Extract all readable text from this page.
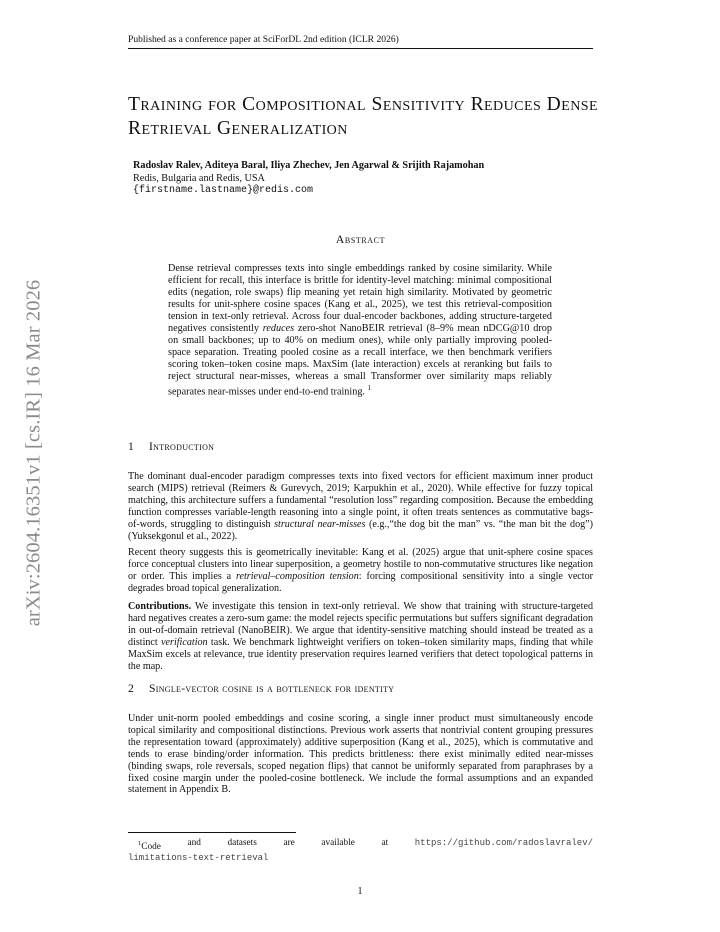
Published as a conference paper at SciForDL 2nd edition (ICLR 2026)
arXiv:2604.16351v1 [cs.IR] 16 Mar 2026
Training for Compositional Sensitivity Reduces Dense Retrieval Generalization
Radoslav Ralev, Aditeya Baral, Iliya Zhechev, Jen Agarwal & Srijith Rajamohan
Redis, Bulgaria and Redis, USA
{firstname.lastname}@redis.com
Abstract
Dense retrieval compresses texts into single embeddings ranked by cosine similarity. While efficient for recall, this interface is brittle for identity-level matching: minimal compositional edits (negation, role swaps) flip meaning yet retain high similarity. Motivated by geometric results for unit-sphere cosine spaces (Kang et al., 2025), we test this retrieval-composition tension in text-only retrieval. Across four dual-encoder backbones, adding structure-targeted negatives consistently reduces zero-shot NanoBEIR retrieval (8–9% mean nDCG@10 drop on small backbones; up to 40% on medium ones), while only partially improving pooled-space separation. Treating pooled cosine as a recall interface, we then benchmark verifiers scoring token–token cosine maps. MaxSim (late interaction) excels at reranking but fails to reject structural near-misses, whereas a small Transformer over similarity maps reliably separates near-misses under end-to-end training. $^1$
1 Introduction
The dominant dual-encoder paradigm compresses texts into fixed vectors for efficient maximum inner product search (MIPS) retrieval (Reimers & Gurevych, 2019; Karpukhin et al., 2020). While effective for fuzzy topical matching, this architecture suffers a fundamental “resolution loss” regarding composition. Because the embedding function compresses variable-length reasoning into a single point, it often treats sentences as commutative bags-of-words, struggling to distinguish structural near-misses (e.g.,“the dog bit the man” vs. “the man bit the dog”) (Yuksekgonul et al., 2022).
Recent theory suggests this is geometrically inevitable: Kang et al. (2025) argue that unit-sphere cosine spaces force conceptual clusters into linear superposition, a geometry hostile to non-commutative structures like negation or order. This implies a retrieval–composition tension: forcing compositional sensitivity into a single vector degrades broad topical generalization.
Contributions. We investigate this tension in text-only retrieval. We show that training with structure-targeted hard negatives creates a zero-sum game: the model rejects specific permutations but suffers significant degradation in out-of-domain retrieval (NanoBEIR). We argue that identity-sensitive matching should instead be treated as a distinct verification task. We benchmark lightweight verifiers on token–token similarity maps, finding that while MaxSim excels at relevance, true identity preservation requires learned verifiers that detect topological patterns in the map.
2 Single-vector cosine is a bottleneck for identity
Under unit-norm pooled embeddings and cosine scoring, a single inner product must simultaneously encode topical similarity and compositional distinctions. Previous work asserts that nontrivial content grouping pressures the representation toward (approximately) additive superposition (Kang et al., 2025), which is commutative and tends to erase binding/order information. This predicts brittleness: there exist minimally edited near-misses (binding swaps, role reversals, scoped negation flips) that cannot be uniformly separated from paraphrases by a fixed cosine margin under the pooled-cosine bottleneck. We include the formal assumptions and an expanded statement in Appendix B.
$^1$Code	and	datasets	are	available	at	https://github.com/radoslavralev/
limitations-text-retrieval
1
